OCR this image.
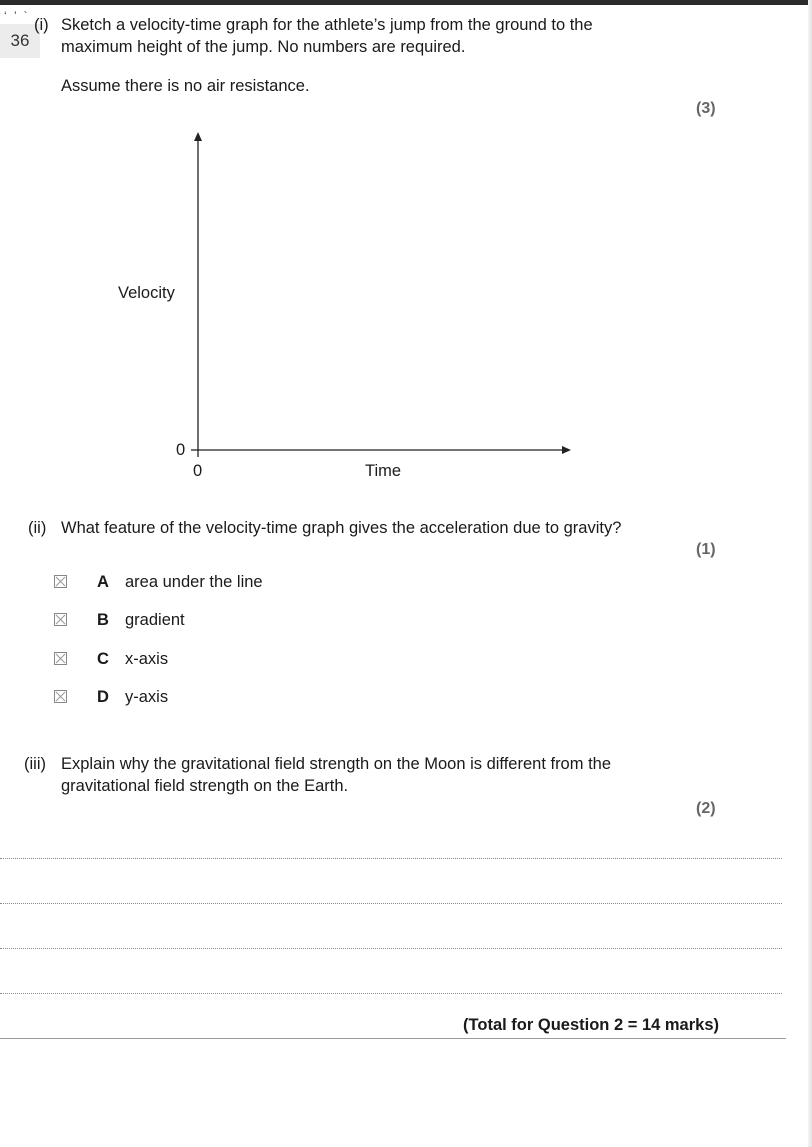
‘ ’ `
36
(i) Sketch a velocity-time graph for the athlete’s jump from the ground to the
maximum height of the jump. No numbers are required.
Assume there is no air resistance.
(3)
Velocity
0
0	Time
(ii) What feature of the velocity-time graph gives the acceleration due to gravity?
(1)
A area under the line
B gradient
C x-axis
D y-axis
(iii) Explain why the gravitational field strength on the Moon is different from the
gravitational field strength on the Earth.
(2)
(Total for Question 2 = 14 marks)
